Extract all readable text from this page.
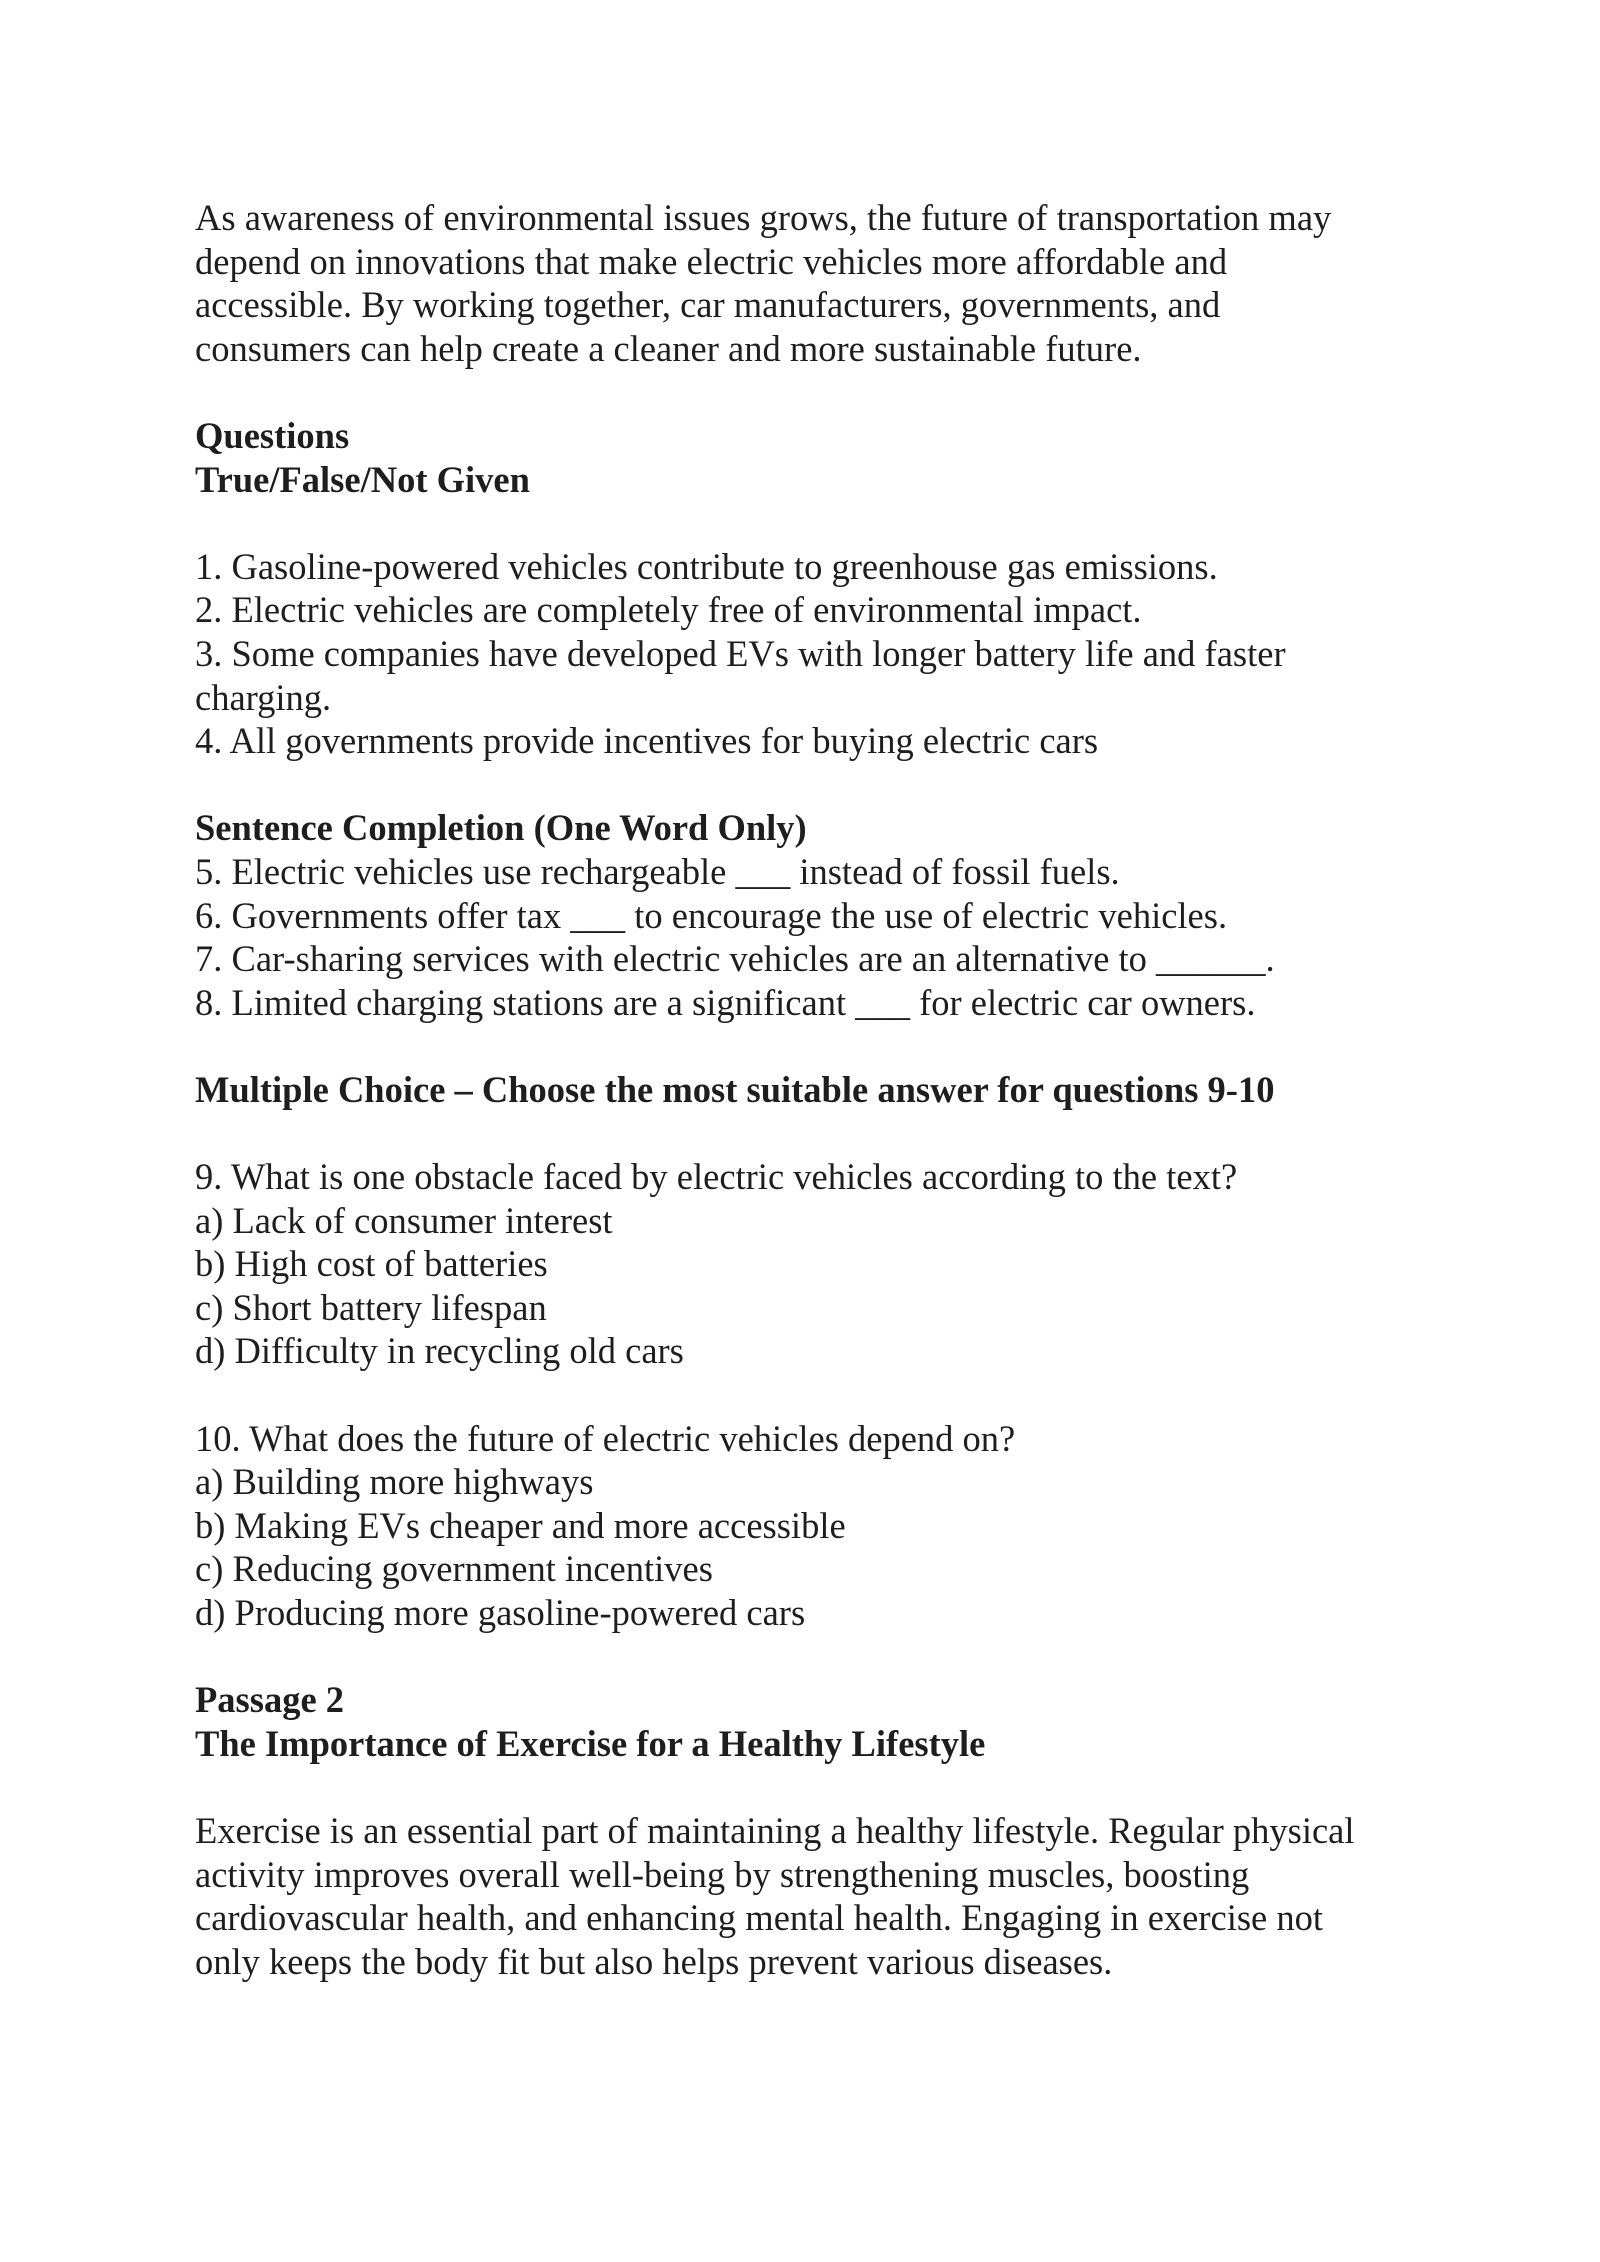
As awareness of environmental issues grows, the future of transportation may
depend on innovations that make electric vehicles more affordable and
accessible. By working together, car manufacturers, governments, and
consumers can help create a cleaner and more sustainable future.
Questions
True/False/Not Given
1. Gasoline-powered vehicles contribute to greenhouse gas emissions.
2. Electric vehicles are completely free of environmental impact.
3. Some companies have developed EVs with longer battery life and faster
charging.
4. All governments provide incentives for buying electric cars
Sentence Completion (One Word Only)
5. Electric vehicles use rechargeable ___ instead of fossil fuels.
6. Governments offer tax ___ to encourage the use of electric vehicles.
7. Car-sharing services with electric vehicles are an alternative to ______.
8. Limited charging stations are a significant ___ for electric car owners.
Multiple Choice – Choose the most suitable answer for questions 9-10
9. What is one obstacle faced by electric vehicles according to the text?
a) Lack of consumer interest
b) High cost of batteries
c) Short battery lifespan
d) Difficulty in recycling old cars
10. What does the future of electric vehicles depend on?
a) Building more highways
b) Making EVs cheaper and more accessible
c) Reducing government incentives
d) Producing more gasoline-powered cars
Passage 2
The Importance of Exercise for a Healthy Lifestyle
Exercise is an essential part of maintaining a healthy lifestyle. Regular physical
activity improves overall well-being by strengthening muscles, boosting
cardiovascular health, and enhancing mental health. Engaging in exercise not
only keeps the body fit but also helps prevent various diseases.
